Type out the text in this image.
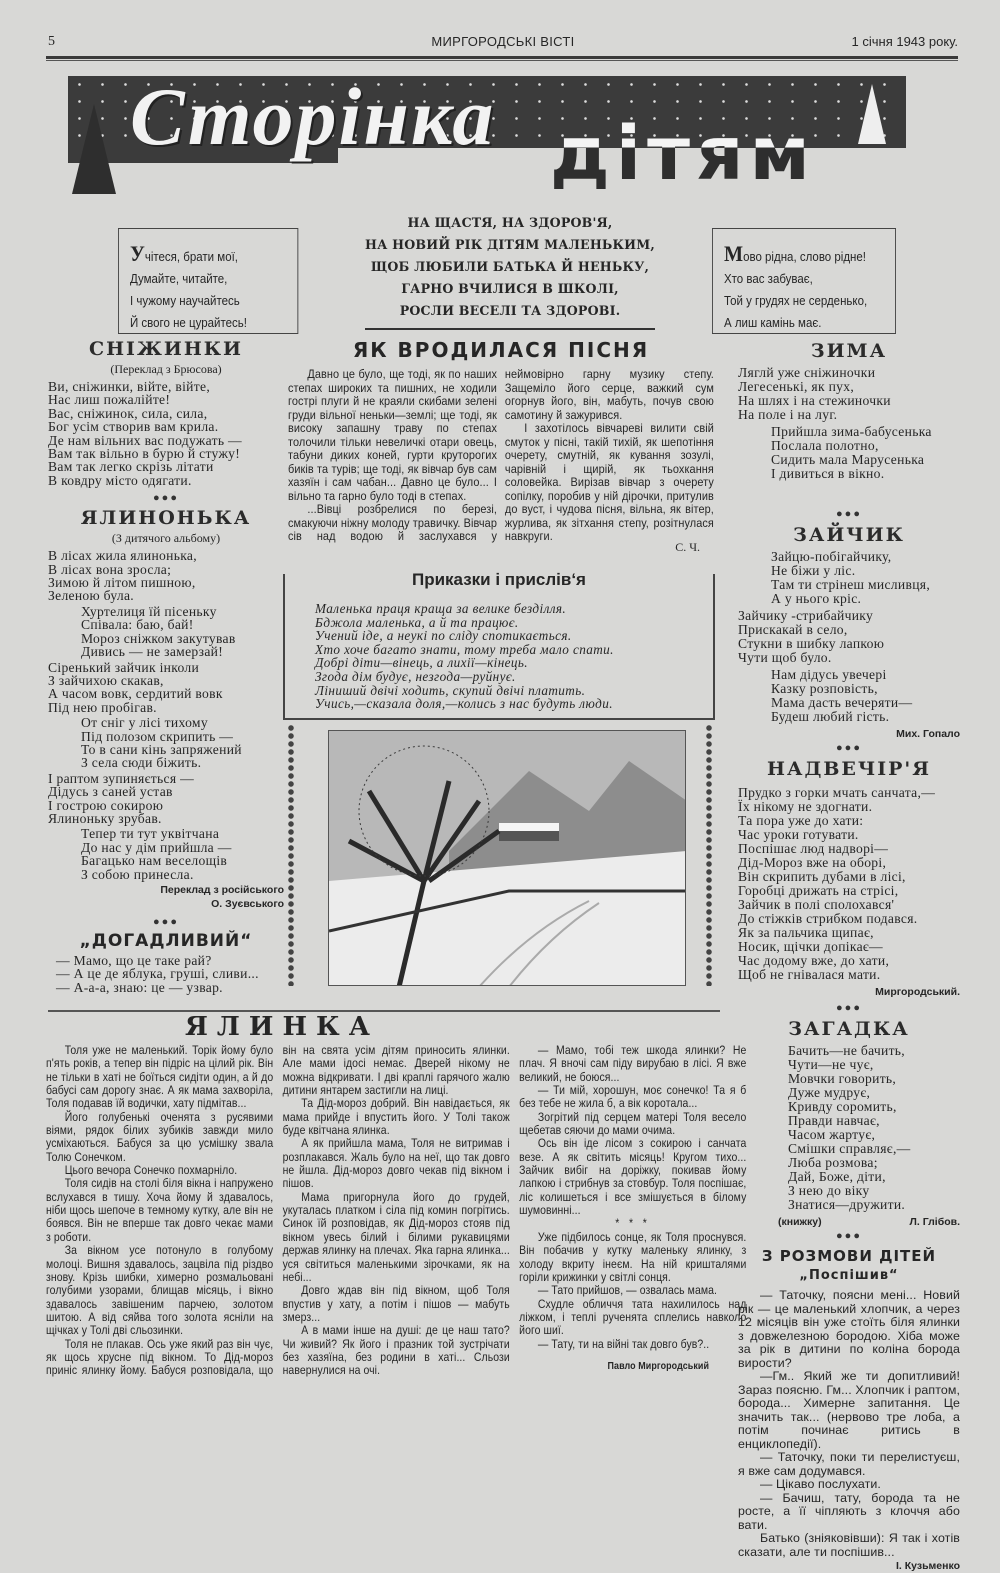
5	МИРГОРОДСЬКІ ВІСТІ	1 січня 1943 року.
Сторінка дітям
Учітеся, брати мої,
Думайте, читайте,
І чужому научайтесь
Й свого не цурайтесь!
НА ЩАСТЯ, НА ЗДОРОВ'Я,
НА НОВИЙ РІК ДІТЯМ МАЛЕНЬКИМ,
ЩОБ ЛЮБИЛИ БАТЬКА Й НЕНЬКУ,
ГАРНО ВЧИЛИСЯ В ШКОЛІ,
РОСЛИ ВЕСЕЛІ ТА ЗДОРОВІ.
Мово рідна, слово рідне!
Хто вас забуває,
Той у грудях не серденько,
А лиш камінь має.
СНІЖИНКИ
(Переклад з Брюсова)
Ви, сніжинки, війте, війте,
Нас лиш пожалійте!
Вас, сніжинок, сила, сила,
Бог усім створив вам крила.
Де нам вільних вас подужать —
Вам так вільно в бурю й стужу!
Вам так легко скрізь літати
В ковдру місто одягати.
●●●
ЯЛИНОНЬКА
(З дитячого альбому)
В лісах жила ялинонька,
В лісах вона зросла;
Зимою й літом пишною,
Зеленою була.
Хуртелиця їй пісеньку
Співала: баю, бай!
Мороз сніжком закутував
Дивись — не замерзай!
Сіренький зайчик інколи
З зайчихою скакав,
А часом вовк, сердитий вовк
Під нею пробігав.
От сніг у лісі тихому
Під полозом скрипить —
То в сани кінь запряжений
З села сюди біжить.
І раптом зупиняється —
Дідусь з саней устав
І гострою сокирою
Ялиноньку зрубав.
Тепер ти тут уквітчана
До нас у дім прийшла —
Багацько нам веселощів
З собою принесла.
Переклад з російського
О. Зуєвського
●●●
„ДОГАДЛИВИЙ“
— Мамо, що це таке рай?
— А це де яблука, груші, сливи...
— А-а-а, знаю: це — узвар.
ЯК ВРОДИЛАСЯ ПІСНЯ

Давно це було, ще тоді, як по наших степах широких та пишних, не ходили гострі плуги й не краяли скибами зелені груди вільної неньки—землі; ще тоді, як високу запашну траву по степах толочили тільки невеличкі отари овець, табуни диких коней, гурти круторогих биків та турів; ще тоді, як вівчар був сам хазяїн і сам чабан... Давно це було... І вільно та гарно було тоді в степах.

...Вівці розбрелися по березі, смакуючи ніжну молоду травичку. Вівчар сів над водою й заслухався у неймовірно гарну музику степу. Защеміло його серце, важкий сум огорнув його, він, мабуть, почув свою самотину й зажурився.

І захотілось вівчареві вилити свій смуток у пісні, такій тихій, як шепотіння очерету, смутній, як кування зозулі, чарівній і щирій, як тьохкання соловейка. Вирізав вівчар з очерету сопілку, поробив у ній дірочки, притулив до вуст, і чудова пісня, вільна, як вітер, журлива, як зітхання степу, розітнулася навкруги.

С. Ч.
Приказки і прислів‘я
Маленька праця краща за велике безділля.
Бджола маленька, а й та працює.
Учений іде, а неукі по сліду спотикається.
Хто хоче багато знати, тому треба мало спати.
Добрі діти—вінець, а лихії—кінець.
Згода дім будує, незгода—руйнує.
Ліниший двічі ходить, скупий двічі платить.
Учись,—сказала доля,—колись з нас будуть люди.
ЗИМА
Ляглй уже сніжиночки
Легесенькі, як пух,
На шлях і на стежиночки
На поле і на луг.
Прийшла зима-бабусенька
Послала полотно,
Сидить мала Марусенька
І дивиться в вікно.
●●●
ЗАЙЧИК
Зайцю-побігайчику,
Не біжи у ліс.
Там ти стрінеш мисливця,
А у нього кріс.
Зайчику -стрибайчику
Прискакай в село,
Стукни в шибку лапкою
Чути щоб було.
Нам дідусь увечері
Казку розповість,
Мама дасть вечеряти—
Будеш любий гість.
Мих. Гопало
●●●
НАДВЕЧІР'Я
Прудко з горки мчать санчата,—
Їх нікому не здогнати.
Та пора уже до хати:
Час уроки готувати.
Поспішає люд надворі—
Дід-Мороз вже на оборі,
Він скрипить дубами в лісі,
Горобці дрижать на стрісі,
Зайчик в полі сполохався'
До стіжків стрибком подався.
Як за пальчика щипає,
Носик, щічки допікає—
Час додому вже, до хати,
Щоб не гнівалася мати.
Миргородський.
●●●
ЗАГАДКА
Бачить—не бачить,
Чути—не чує,
Мовчки говорить,
Дуже мудрує,
Кривду соромить,
Правди навчає,
Часом жартує,
Смішки справляє,—
Люба розмова;
Дай, Боже, діти,
З нею до віку
Знатися—дружити.
(книжку)	Л. Глібов.
●●●
З РОЗМОВИ ДІТЕЙ
„Поспішив“

— Таточку, поясни мені... Новий рік — це маленький хлопчик, а через 12 місяців він уже стоїть біля ялинки з довжелезною бородою. Хіба може за рік в дитини по коліна борода вирости?

—Гм.. Який же ти допитливий! Зараз поясню. Гм... Хлопчик і раптом, борода... Химерне запитання. Це значить так... (нервово тре лоба, а потім починає ритись в енциклопедії).

— Таточку, поки ти перелистуєш, я вже сам додумався.

— Цікаво послухати.

— Бачиш, тату, борода та не росте, а її чіпляють з клоччя або вати.

Батько (зніяковівши): Я так і хотів сказати, але ти поспішив...

І. Кузьменко
ЯЛИНКА

Толя уже не маленький. Торік йому було п'ять років, а тепер він підріс на цілий рік. Він не тільки в хаті не боїться сидіти один, а й до бабусі сам дорогу знає. А як мама захворіла, Толя подавав їй водички, хату підмітав...

Його голубенькі оченята з русявими віями, рядок білих зубиків завжди мило усміхаються. Бабуся за цю усмішку звала Толю Сонечком.

Цього вечора Сонечко похмарніло.

Толя сидів на столі біля вікна і напружено вслухався в тишу. Хоча йому й здавалось, ніби щось шепоче в темному кутку, але він не боявся. Він не вперше так довго чекає мами з роботи.

За вікном усе потонуло в голубому молоці. Вишня здавалось, зацвіла під різдво знову. Крізь шибки, химерно розмальовані голубими узорами, блищав місяць, і вікно здавалось завішеним парчею, золотом шитою. А від сяйва того золота ясніли на щічках у Толі дві сльозинки.

Толя не плакав. Ось уже який раз він чує, як щось хрусне під вікном. То Дід-мороз приніс ялинку йому. Бабуся розповідала, що він на свята усім дітям приносить ялинки. Але мами ідосі немає. Дверей нікому не можна відкривати. І дві краплі гарячого жалю дитини янтарем застигли на лиці.

Та Дід-мороз добрий. Він навідається, як мама прийде і впустить його. У Толі також буде квітчана ялинка.

А як прийшла мама, Толя не витримав і розплакався. Жаль було на неї, що так довго не йшла. Дід-мороз довго чекав під вікном і пішов.

Мама пригорнула його до грудей, укуталась платком і сіла під комин погрітись. Синок їй розповідав, як Дід-мороз стояв під вікном увесь білий і білими рукавицями держав ялинку на плечах. Яка гарна ялинка... уся світиться маленькими зірочками, як на небі...

Довго ждав він під вікном, щоб Толя впустив у хату, а потім і пішов — мабуть змерз...

А в мами інше на душі: де це наш тато? Чи живий? Як його і празник той зустрічати без хазяїна, без родини в хаті... Сльози навернулися на очі.

— Мамо, тобі теж шкода ялинки? Не плач. Я вночі сам піду вирубаю в лісі. Я вже великий, не боюся...

— Ти мій, хорошун, моє сонечко! Та я б без тебе не жила б, а вік коротала...

Зогрітий під серцем матері Толя весело щебетав сяючи до мами очима.

Ось він іде лісом з сокирою і санчата везе. А як світить місяць! Кругом тихо... Зайчик вибіг на доріжку, покивав йому лапкою і стрибнув за стовбур. Толя поспішає, ліс колишеться і все змішується в білому шумовинні...

* * *

Уже підбилось сонце, як Толя проснувся. Він побачив у кутку маленьку ялинку, з холоду вкриту інеєм. На ній кришталями горіли крижинки у світлі сонця.

— Тато прийшов, — озвалась мама.

Схудле обличчя тата нахилилось над ліжком, і теплі рученята сплелись навколо його шиї.

— Тату, ти на війні так довго був?..

Павло Миргородський
